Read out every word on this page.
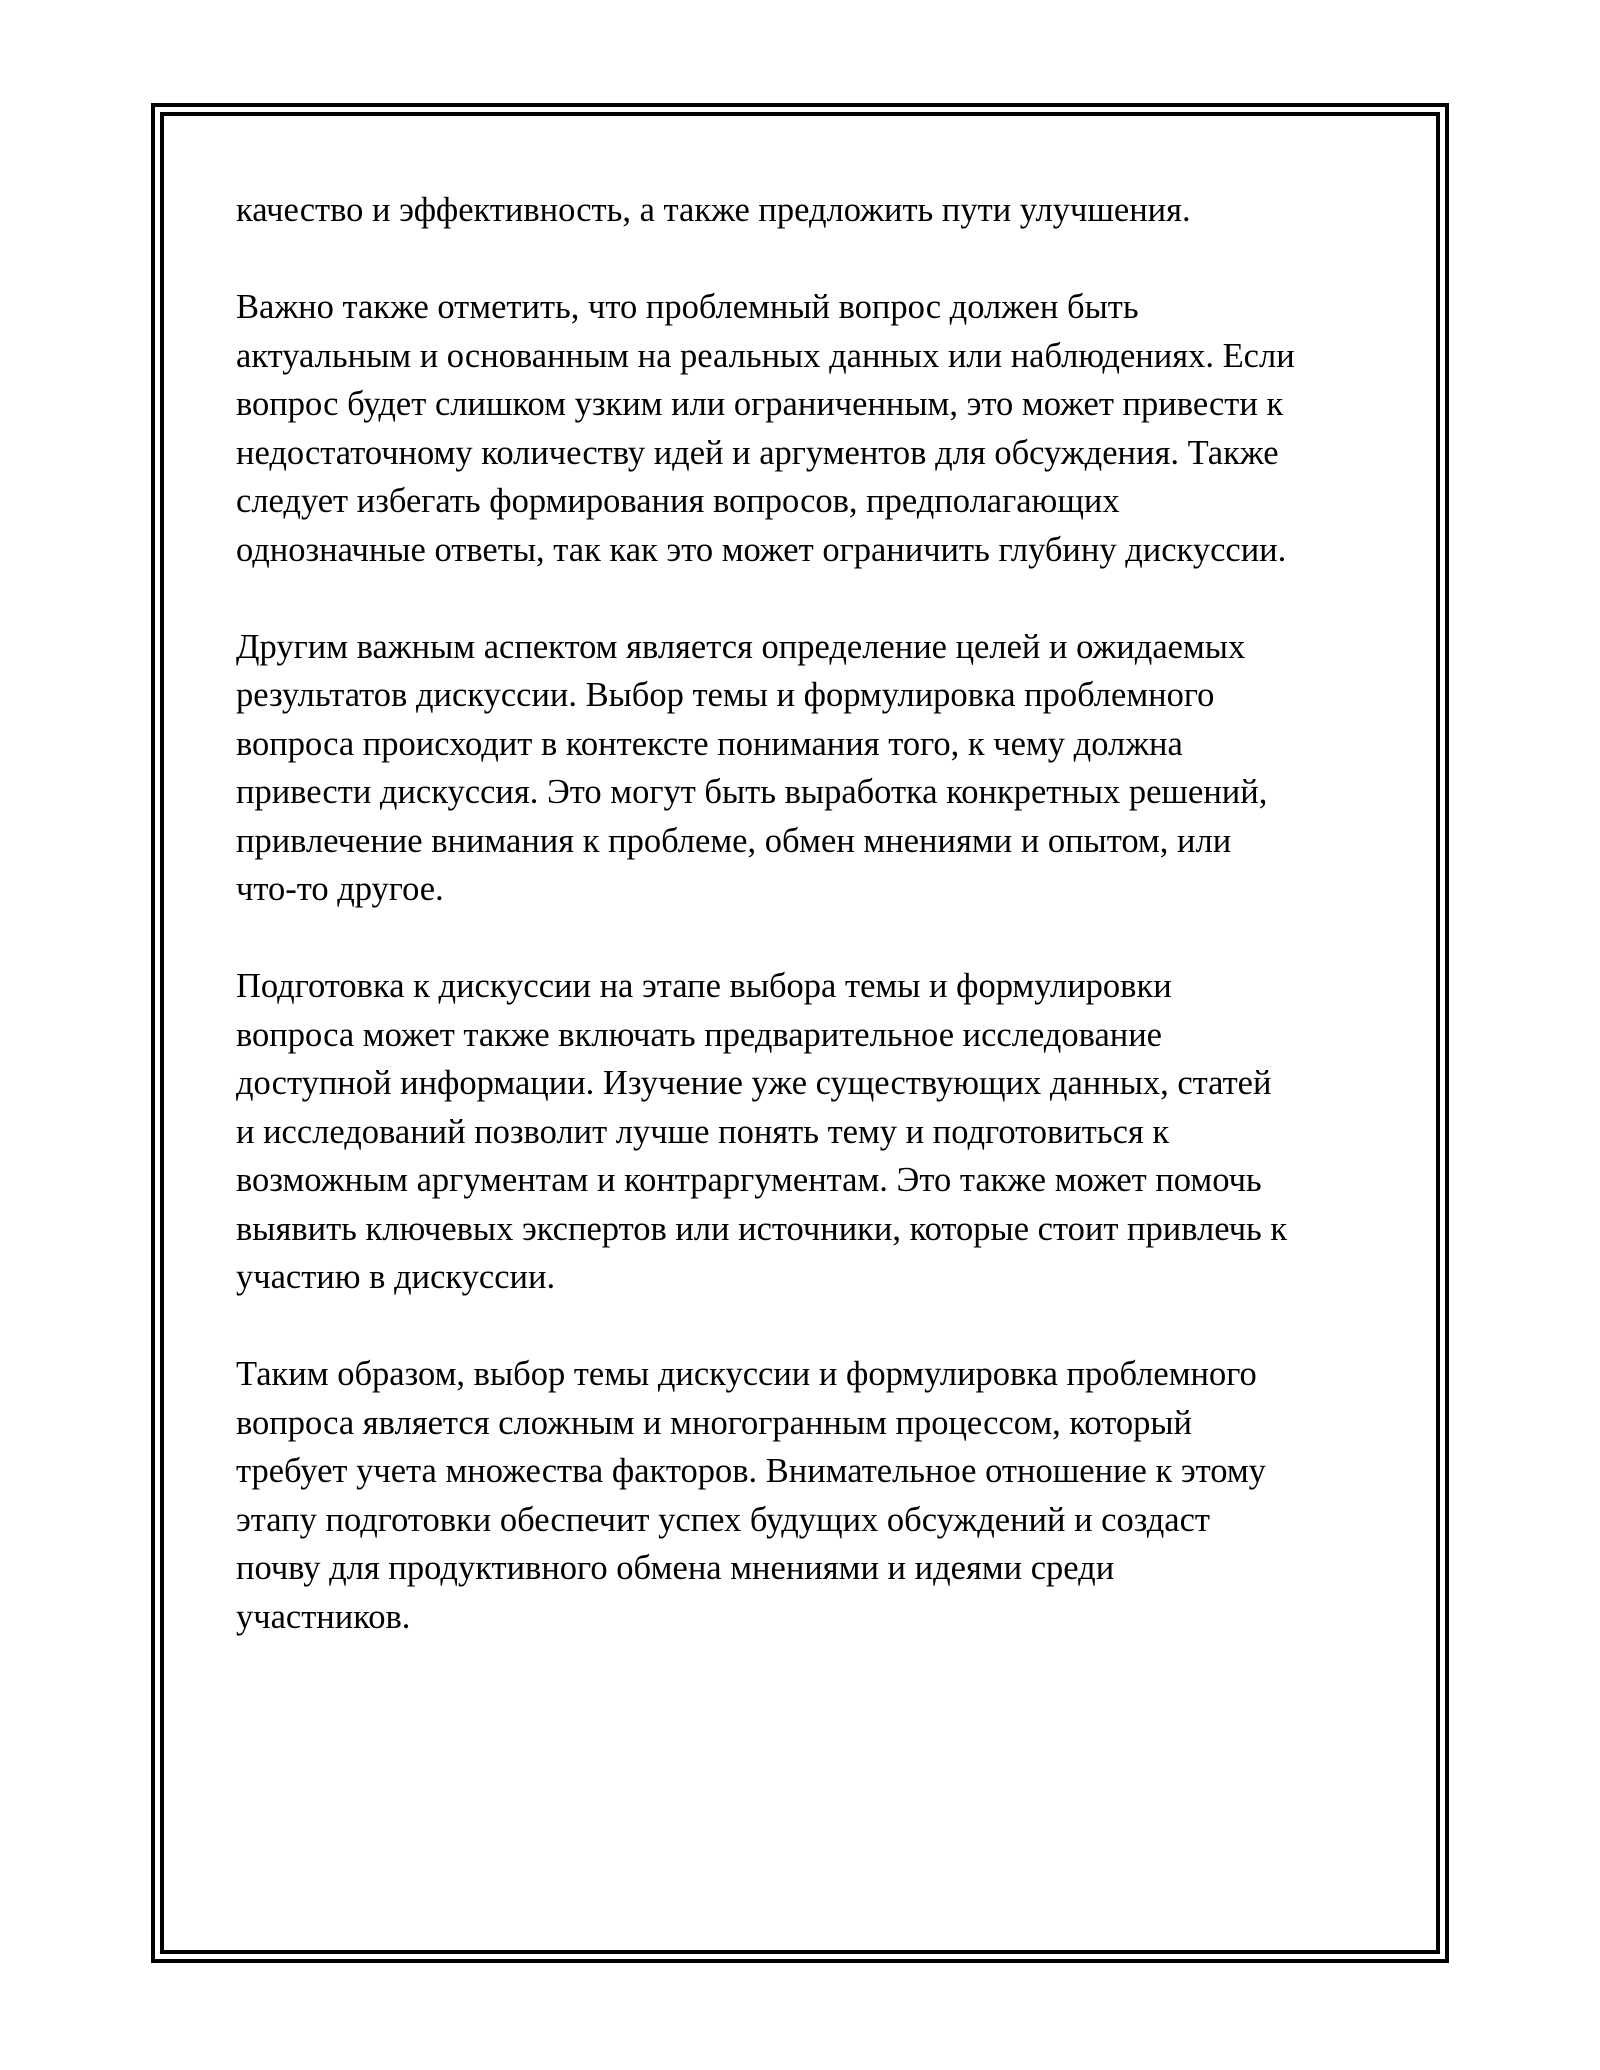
качество и эффективность, а также предложить пути улучшения.

Важно также отметить, что проблемный вопрос должен быть
актуальным и основанным на реальных данных или наблюдениях. Если
вопрос будет слишком узким или ограниченным, это может привести к
недостаточному количеству идей и аргументов для обсуждения. Также
следует избегать формирования вопросов, предполагающих
однозначные ответы, так как это может ограничить глубину дискуссии.

Другим важным аспектом является определение целей и ожидаемых
результатов дискуссии. Выбор темы и формулировка проблемного
вопроса происходит в контексте понимания того, к чему должна
привести дискуссия. Это могут быть выработка конкретных решений,
привлечение внимания к проблеме, обмен мнениями и опытом, или
что-то другое.

Подготовка к дискуссии на этапе выбора темы и формулировки
вопроса может также включать предварительное исследование
доступной информации. Изучение уже существующих данных, статей
и исследований позволит лучше понять тему и подготовиться к
возможным аргументам и контраргументам. Это также может помочь
выявить ключевых экспертов или источники, которые стоит привлечь к
участию в дискуссии.

Таким образом, выбор темы дискуссии и формулировка проблемного
вопроса является сложным и многогранным процессом, который
требует учета множества факторов. Внимательное отношение к этому
этапу подготовки обеспечит успех будущих обсуждений и создаст
почву для продуктивного обмена мнениями и идеями среди
участников.
